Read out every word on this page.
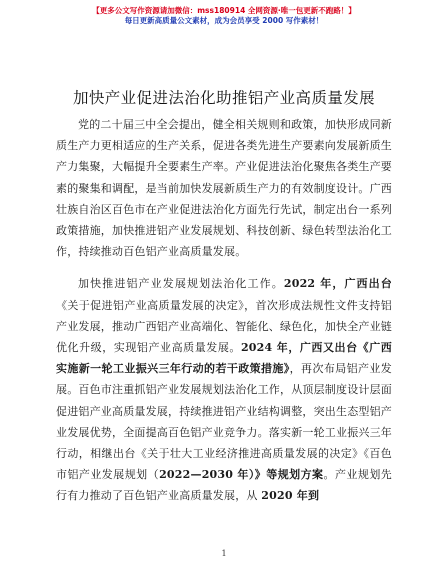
【更多公文写作资源请加微信：mss180914 全网资源·唯一包更新不跑路！】
每日更新高质量公文素材，成为会员享受 2000 写作素材！
加快产业促进法治化助推铝产业高质量发展

党的二十届三中全会提出，健全相关规则和政策，加快形成同新质生产力更相适应的生产关系，促进各类先进生产要素向发展新质生产力集聚，大幅提升全要素生产率。产业促进法治化聚焦各类生产要素的聚集和调配，是当前加快发展新质生产力的有效制度设计。广西壮族自治区百色市在产业促进法治化方面先行先试，制定出台一系列政策措施，加快推进铝产业发展规划、科技创新、绿色转型法治化工作，持续推动百色铝产业高质量发展。

加快推进铝产业发展规划法治化工作。2022 年，广西出台《关于促进铝产业高质量发展的决定》，首次形成法规性文件支持铝产业发展，推动广西铝产业高端化、智能化、绿色化，加快全产业链优化升级，实现铝产业高质量发展。2024 年，广西又出台《广西实施新一轮工业振兴三年行动的若干政策措施》，再次布局铝产业发展。百色市注重抓铝产业发展规划法治化工作，从顶层制度设计层面促进铝产业高质量发展，持续推进铝产业结构调整，突出生态型铝产业发展优势，全面提高百色铝产业竞争力。落实新一轮工业振兴三年行动，相继出台《关于壮大工业经济推进高质量发展的决定》《百色市铝产业发展规划（2022—2030 年）》等规划方案。产业规划先行有力推动了百色铝产业高质量发展，从 2020 年到

1
